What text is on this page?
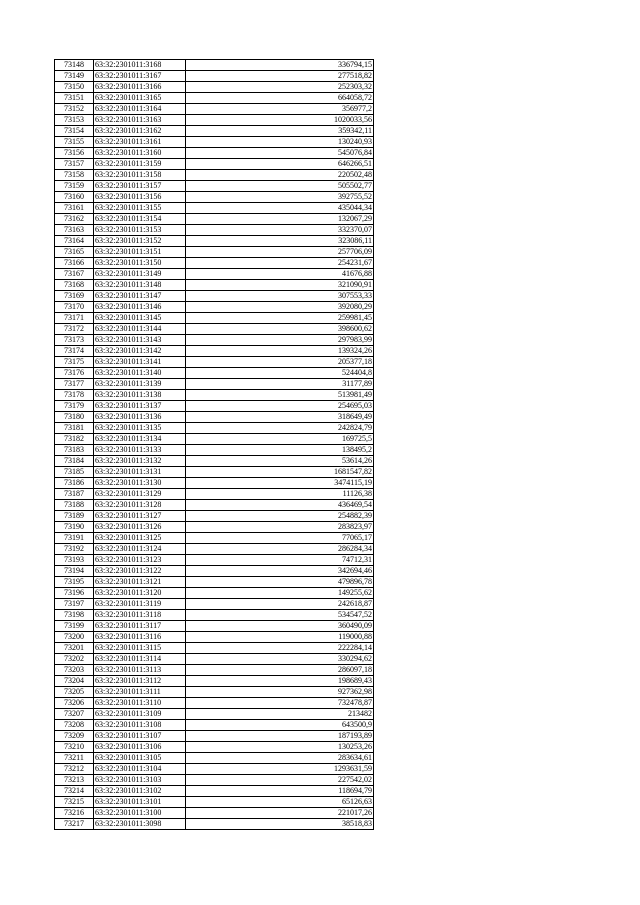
73148	63:32:2301011:3168	336794,15
73149	63:32:2301011:3167	277518,82
73150	63:32:2301011:3166	252303,32
73151	63:32:2301011:3165	664058,72
73152	63:32:2301011:3164	356977,2
73153	63:32:2301011:3163	1020033,56
73154	63:32:2301011:3162	359342,11
73155	63:32:2301011:3161	130240,93
73156	63:32:2301011:3160	545076,84
73157	63:32:2301011:3159	646266,51
73158	63:32:2301011:3158	220502,48
73159	63:32:2301011:3157	505502,77
73160	63:32:2301011:3156	392755,52
73161	63:32:2301011:3155	435044,34
73162	63:32:2301011:3154	132067,29
73163	63:32:2301011:3153	332370,07
73164	63:32:2301011:3152	323086,11
73165	63:32:2301011:3151	257706,09
73166	63:32:2301011:3150	254231,67
73167	63:32:2301011:3149	41676,88
73168	63:32:2301011:3148	321090,91
73169	63:32:2301011:3147	307553,33
73170	63:32:2301011:3146	392080,29
73171	63:32:2301011:3145	259981,45
73172	63:32:2301011:3144	398600,62
73173	63:32:2301011:3143	297983,99
73174	63:32:2301011:3142	139324,26
73175	63:32:2301011:3141	205377,18
73176	63:32:2301011:3140	524404,8
73177	63:32:2301011:3139	31177,89
73178	63:32:2301011:3138	513981,49
73179	63:32:2301011:3137	254695,03
73180	63:32:2301011:3136	318649,49
73181	63:32:2301011:3135	242824,79
73182	63:32:2301011:3134	169725,5
73183	63:32:2301011:3133	138495,2
73184	63:32:2301011:3132	53614,26
73185	63:32:2301011:3131	1681547,82
73186	63:32:2301011:3130	3474115,19
73187	63:32:2301011:3129	11126,38
73188	63:32:2301011:3128	436469,54
73189	63:32:2301011:3127	254882,39
73190	63:32:2301011:3126	283823,97
73191	63:32:2301011:3125	77065,17
73192	63:32:2301011:3124	286284,34
73193	63:32:2301011:3123	74712,31
73194	63:32:2301011:3122	342694,46
73195	63:32:2301011:3121	479896,78
73196	63:32:2301011:3120	149255,62
73197	63:32:2301011:3119	242618,87
73198	63:32:2301011:3118	534547,52
73199	63:32:2301011:3117	360490,09
73200	63:32:2301011:3116	119000,88
73201	63:32:2301011:3115	222284,14
73202	63:32:2301011:3114	330294,62
73203	63:32:2301011:3113	286097,18
73204	63:32:2301011:3112	198689,43
73205	63:32:2301011:3111	927362,98
73206	63:32:2301011:3110	732478,87
73207	63:32:2301011:3109	213482
73208	63:32:2301011:3108	643500,9
73209	63:32:2301011:3107	187193,89
73210	63:32:2301011:3106	130253,26
73211	63:32:2301011:3105	283634,61
73212	63:32:2301011:3104	1293631,59
73213	63:32:2301011:3103	227542,02
73214	63:32:2301011:3102	118694,79
73215	63:32:2301011:3101	65126,63
73216	63:32:2301011:3100	221017,26
73217	63:32:2301011:3098	38518,83
